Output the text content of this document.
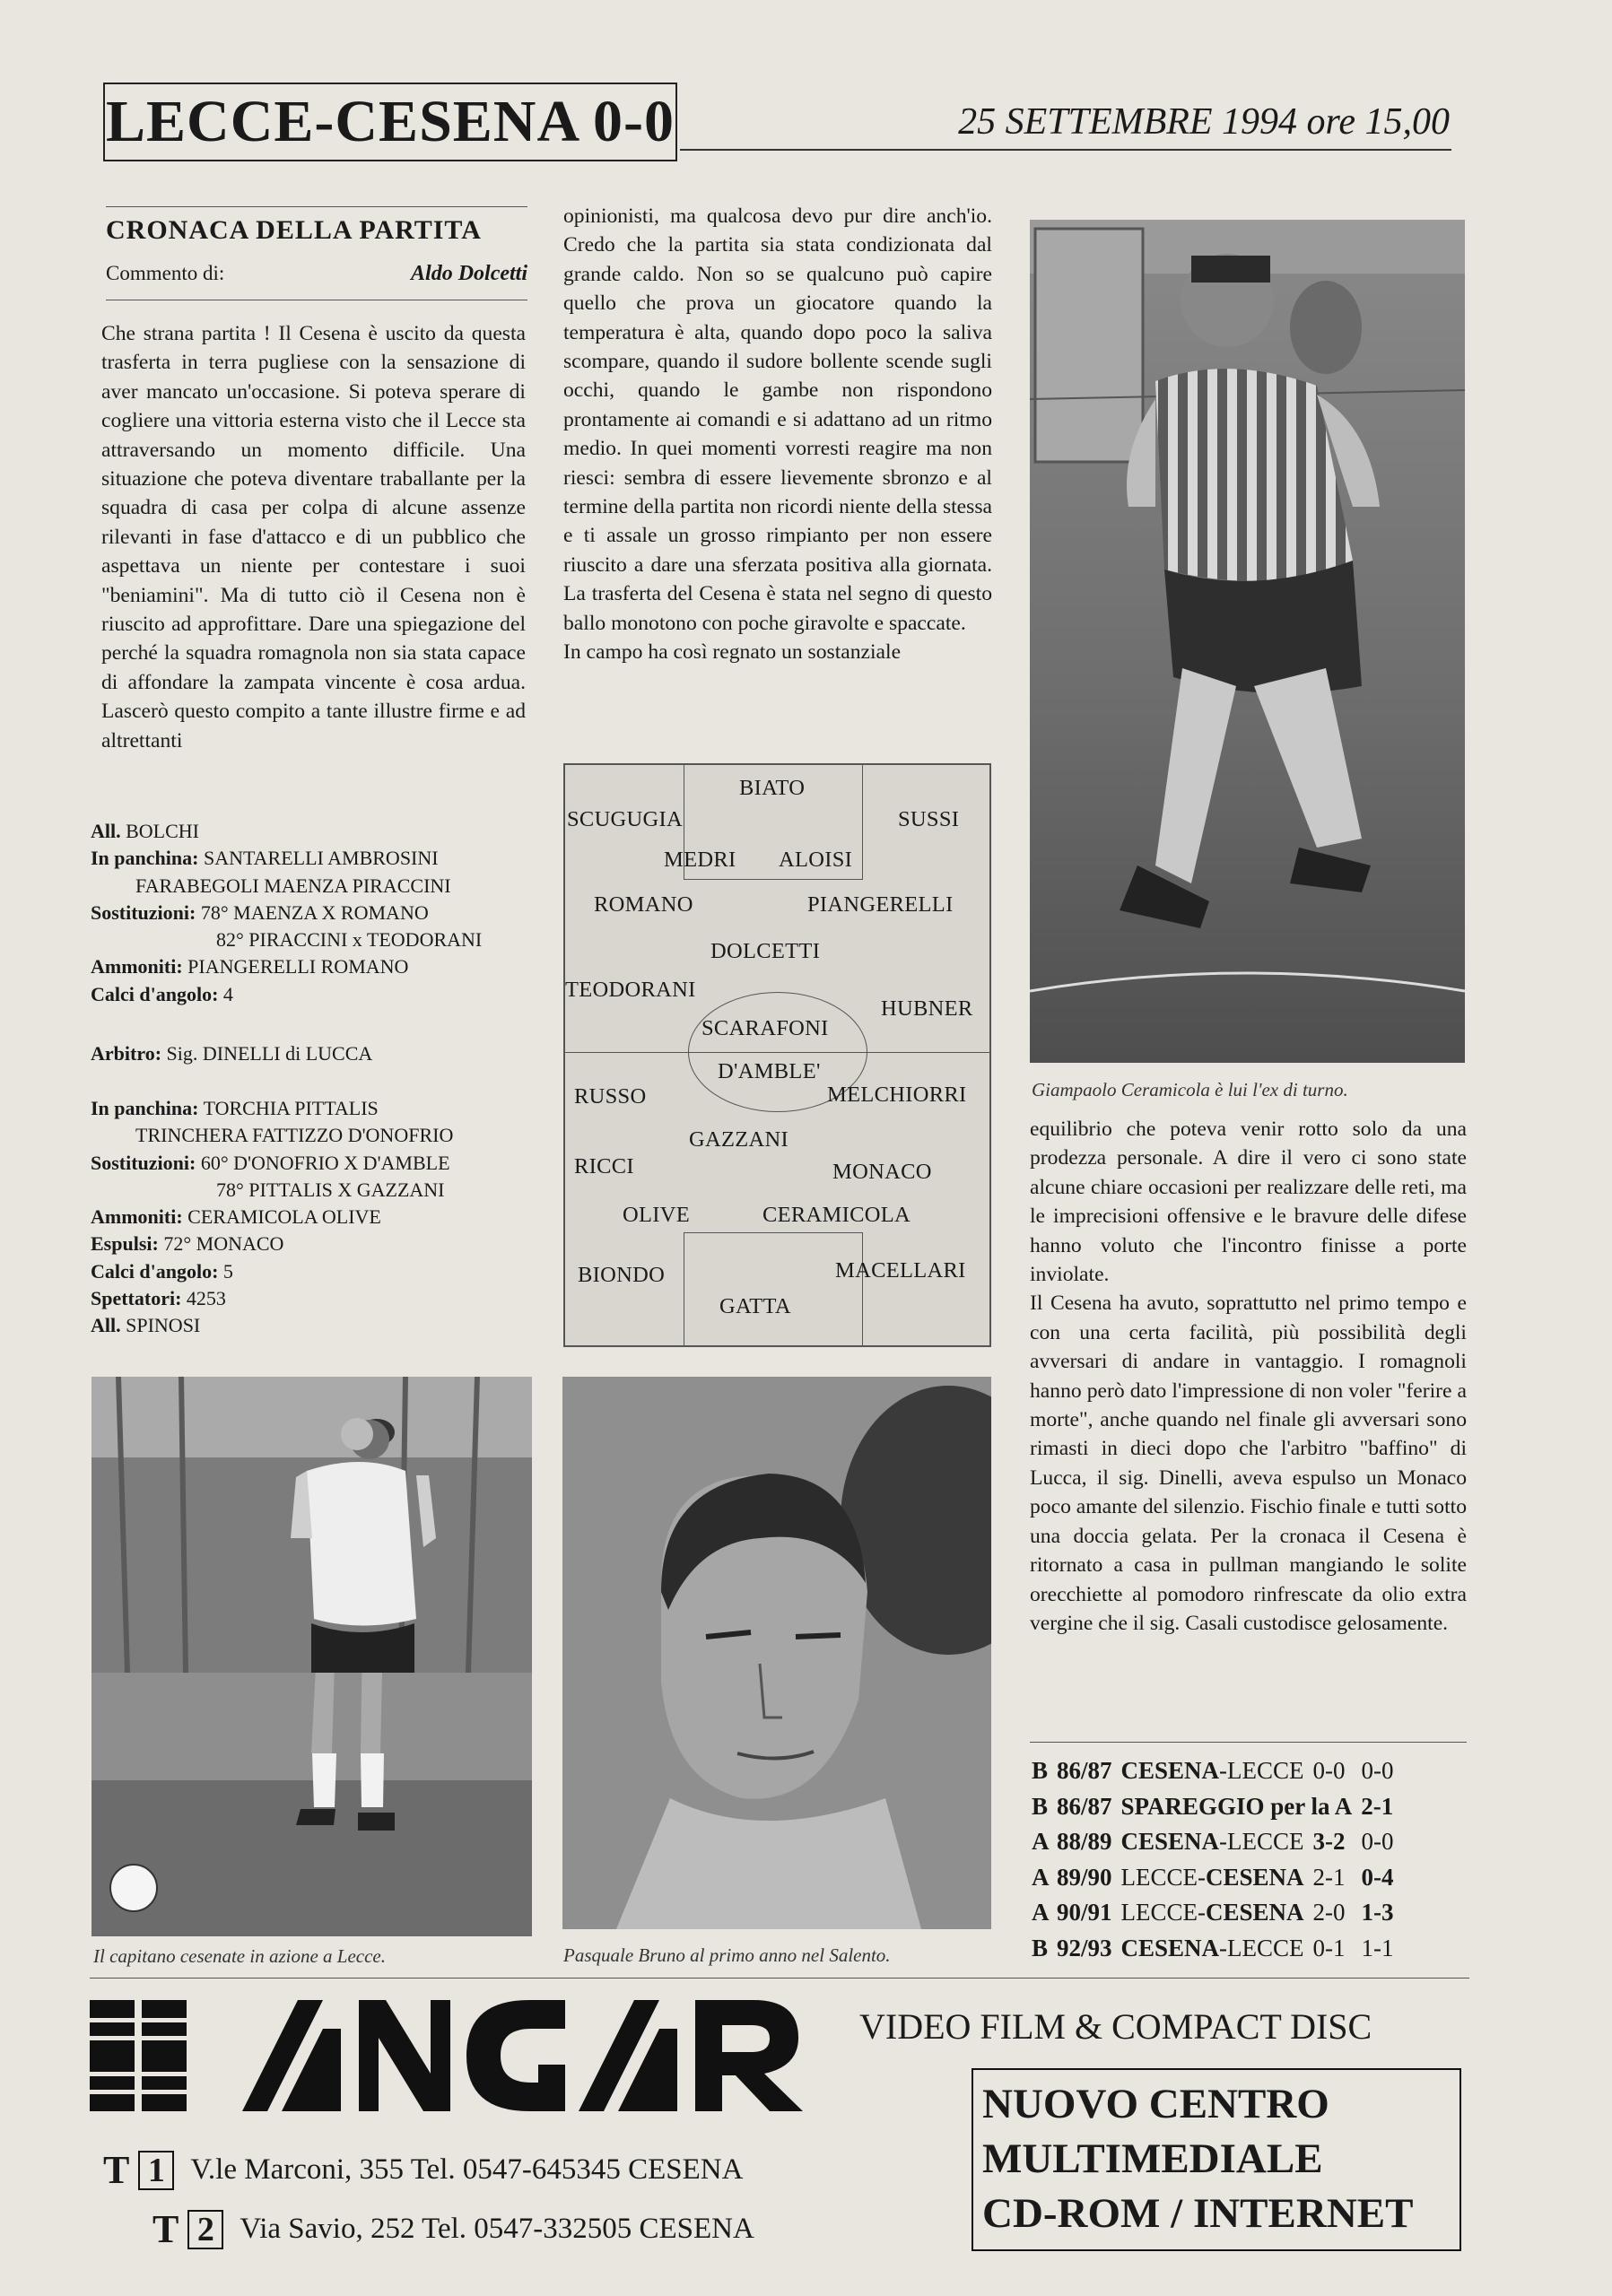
LECCE-CESENA 0-0	25 SETTEMBRE 1994 ore 15,00
CRONACA DELLA PARTITA
Commento di:	Aldo Dolcetti
Che strana partita ! Il Cesena è uscito da questa trasferta in terra pugliese con la sensazione di aver mancato un'occasione. Si poteva sperare di cogliere una vittoria esterna visto che il Lecce sta attraversando un momento difficile. Una situazione che poteva diventare traballante per la squadra di casa per colpa di alcune assenze rilevanti in fase d'attacco e di un pubblico che aspettava un niente per contestare i suoi "beniamini". Ma di tutto ciò il Cesena non è riuscito ad approfittare. Dare una spiegazione del perché la squadra romagnola non sia stata capace di affondare la zampata vincente è cosa ardua. Lascerò questo compito a tante illustre firme e ad altrettanti
All. BOLCHI
In panchina: SANTARELLI AMBROSINI
FARABEGOLI MAENZA PIRACCINI
Sostituzioni: 78° MAENZA X ROMANO
82° PIRACCINI x TEODORANI
Ammoniti: PIANGERELLI ROMANO
Calci d'angolo: 4
Arbitro: Sig. DINELLI di LUCCA
In panchina: TORCHIA PITTALIS
TRINCHERA FATTIZZO D'ONOFRIO
Sostituzioni: 60° D'ONOFRIO X D'AMBLE
78° PITTALIS X GAZZANI
Ammoniti: CERAMICOLA OLIVE
Espulsi: 72° MONACO
Calci d'angolo: 5
Spettatori: 4253
All. SPINOSI
opinionisti, ma qualcosa devo pur dire anch'io. Credo che la partita sia stata condizionata dal grande caldo. Non so se qualcuno può capire quello che prova un giocatore quando la temperatura è alta, quando dopo poco la saliva scompare, quando il sudore bollente scende sugli occhi, quando le gambe non rispondono prontamente ai comandi e si adattano ad un ritmo medio. In quei momenti vorresti reagire ma non riesci: sembra di essere lievemente sbronzo e al termine della partita non ricordi niente della stessa e ti assale un grosso rimpianto per non essere riuscito a dare una sferzata positiva alla giornata. La trasferta del Cesena è stata nel segno di questo ballo monotono con poche giravolte e spaccate.
In campo ha così regnato un sostanziale
BIATO
SCUGUGIA	SUSSI
MEDRI ALOISI
ROMANO	PIANGERELLI
DOLCETTI
TEODORANI
HUBNER
SCARAFONI
D'AMBLE'
RUSSO	MELCHIORRI
GAZZANI
RICCI	MONACO
OLIVE	CERAMICOLA
BIONDO	MACELLARI
GATTA
Giampaolo Ceramicola è lui l'ex di turno.
equilibrio che poteva venir rotto solo da una prodezza personale. A dire il vero ci sono state alcune chiare occasioni per realizzare delle reti, ma le imprecisioni offensive e le bravure delle difese hanno voluto che l'incontro finisse a porte inviolate.
Il Cesena ha avuto, soprattutto nel primo tempo e con una certa facilità, più possibilità degli avversari di andare in vantaggio. I romagnoli hanno però dato l'impressione di non voler "ferire a morte", anche quando nel finale gli avversari sono rimasti in dieci dopo che l'arbitro "baffino" di Lucca, il sig. Dinelli, aveva espulso un Monaco poco amante del silenzio. Fischio finale e tutti sotto una doccia gelata. Per la cronaca il Cesena è ritornato a casa in pullman mangiando le solite orecchiette al pomodoro rinfrescate da olio extra vergine che il sig. Casali custodisce gelosamente.
B 86/87 CESENA -LECCE 0-0 0-0
B 86/87 SPAREGGIO per la A 2-1
A 88/89 CESENA -LECCE 3-2 0-0
A 89/90 LECCE- CESENA 2-1 0-4
A 90/91 LECCE- CESENA 2-0 1-3
B 92/93 CESENA -LECCE 0-1 1-1
Il capitano cesenate in azione a Lecce.	Pasquale Bruno al primo anno nel Salento.
VIDEO FILM & COMPACT DISC
T 1 V.le Marconi, 355 Tel. 0547-645345 CESENA
T 2 Via Savio, 252 Tel. 0547-332505 CESENA
NUOVO CENTRO
MULTIMEDIALE
CD-ROM / INTERNET
